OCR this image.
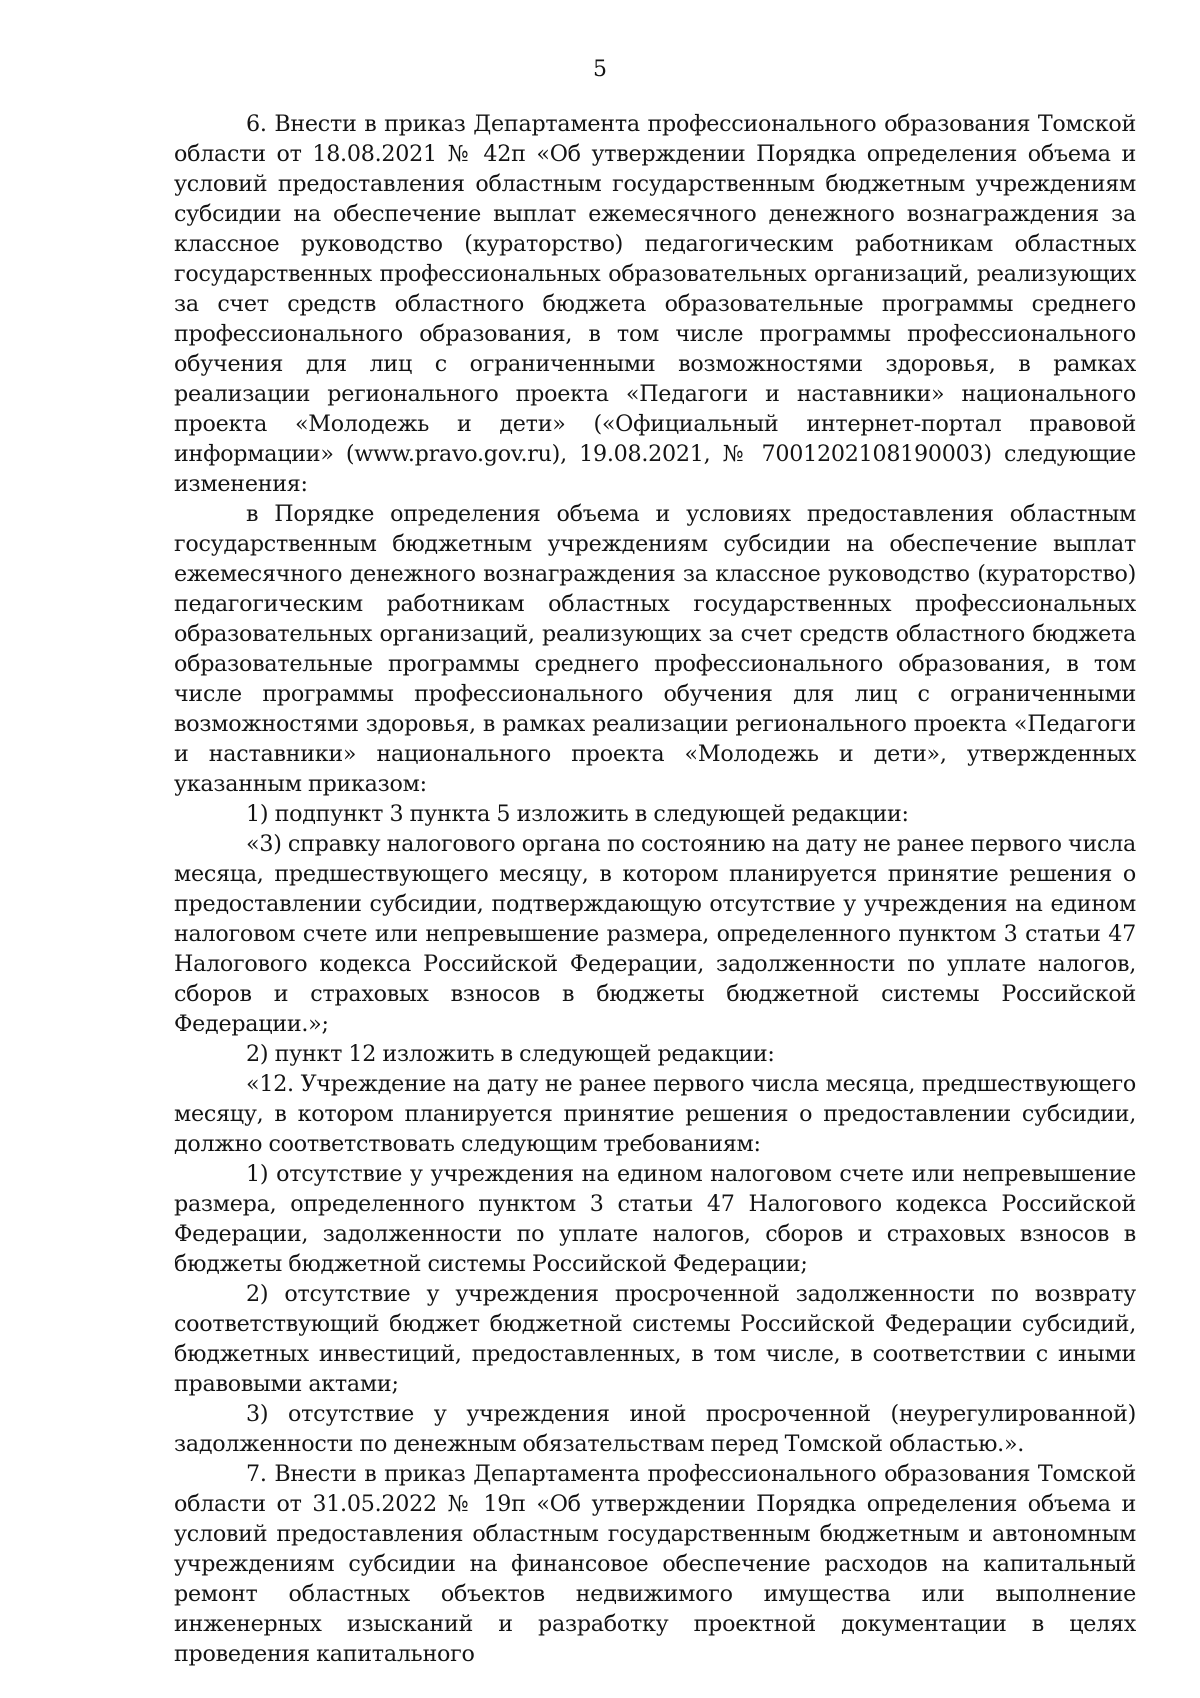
5

6. Внести в приказ Департамента профессионального образования Томской области от 18.08.2021 № 42п «Об утверждении Порядка определения объема и условий предоставления областным государственным бюджетным учреждениям субсидии на обеспечение выплат ежемесячного денежного вознаграждения за классное руководство (кураторство) педагогическим работникам областных государственных профессиональных образовательных организаций, реализующих за счет средств областного бюджета образовательные программы среднего профессионального образования, в том числе программы профессионального обучения для лиц с ограниченными возможностями здоровья, в рамках реализации регионального проекта «Педагоги и наставники» национального проекта «Молодежь и дети» («Официальный интернет-портал правовой информации» (www.pravo.gov.ru), 19.08.2021, № 7001202108190003) следующие изменения:

в Порядке определения объема и условиях предоставления областным государственным бюджетным учреждениям субсидии на обеспечение выплат ежемесячного денежного вознаграждения за классное руководство (кураторство) педагогическим работникам областных государственных профессиональных образовательных организаций, реализующих за счет средств областного бюджета образовательные программы среднего профессионального образования, в том числе программы профессионального обучения для лиц с ограниченными возможностями здоровья, в рамках реализации регионального проекта «Педагоги и наставники» национального проекта «Молодежь и дети», утвержденных указанным приказом:

1) подпункт 3 пункта 5 изложить в следующей редакции:

«3) справку налогового органа по состоянию на дату не ранее первого числа месяца, предшествующего месяцу, в котором планируется принятие решения о предоставлении субсидии, подтверждающую отсутствие у учреждения на едином налоговом счете или непревышение размера, определенного пунктом 3 статьи 47 Налогового кодекса Российской Федерации, задолженности по уплате налогов, сборов и страховых взносов в бюджеты бюджетной системы Российской Федерации.»;

2) пункт 12 изложить в следующей редакции:

«12. Учреждение на дату не ранее первого числа месяца, предшествующего месяцу, в котором планируется принятие решения о предоставлении субсидии, должно соответствовать следующим требованиям:

1) отсутствие у учреждения на едином налоговом счете или непревышение размера, определенного пунктом 3 статьи 47 Налогового кодекса Российской Федерации, задолженности по уплате налогов, сборов и страховых взносов в бюджеты бюджетной системы Российской Федерации;

2) отсутствие у учреждения просроченной задолженности по возврату соответствующий бюджет бюджетной системы Российской Федерации субсидий, бюджетных инвестиций, предоставленных, в том числе, в соответствии с иными правовыми актами;

3) отсутствие у учреждения иной просроченной (неурегулированной) задолженности по денежным обязательствам перед Томской областью.».

7. Внести в приказ Департамента профессионального образования Томской области от 31.05.2022 № 19п «Об утверждении Порядка определения объема и условий предоставления областным государственным бюджетным и автономным учреждениям субсидии на финансовое обеспечение расходов на капитальный ремонт областных объектов недвижимого имущества или выполнение инженерных изысканий и разработку проектной документации в целях проведения капитального
